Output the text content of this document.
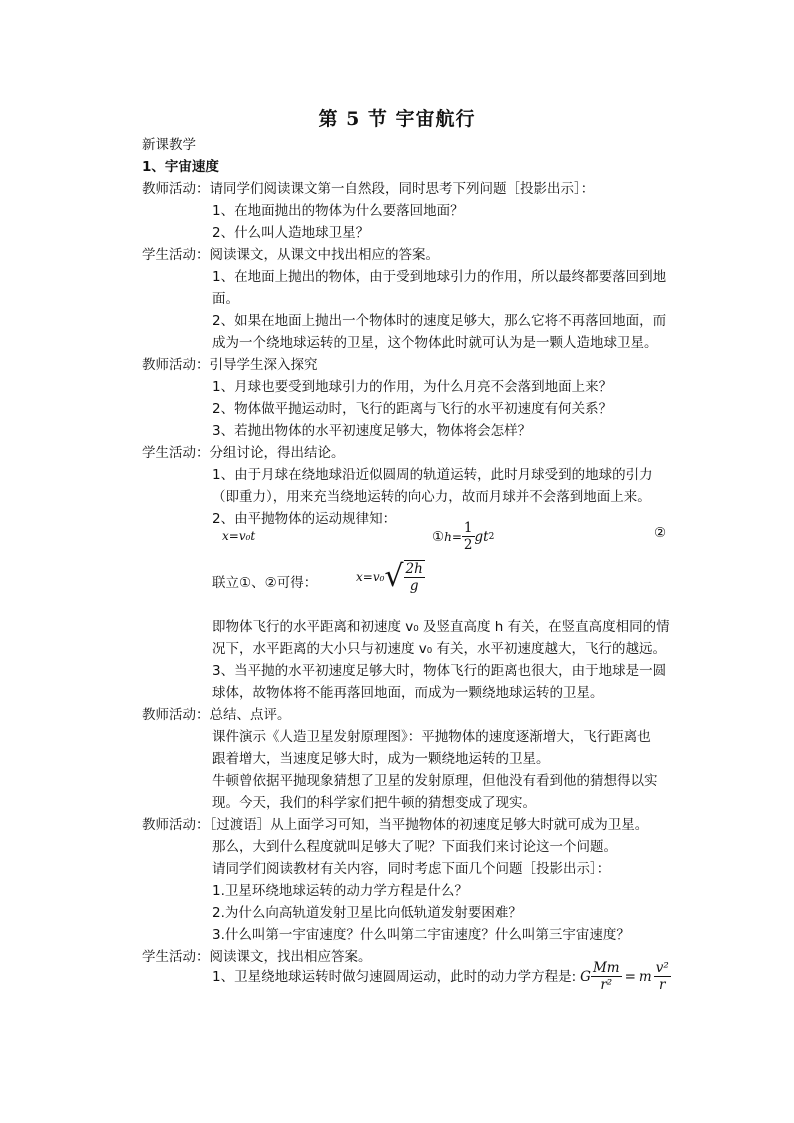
第 5 节 宇宙航行
新课教学
1、宇宙速度
教师活动：请同学们阅读课文第一自然段，同时思考下列问题［投影出示］：
1、在地面抛出的物体为什么要落回地面？
2、什么叫人造地球卫星？
学生活动：阅读课文，从课文中找出相应的答案。
1、在地面上抛出的物体，由于受到地球引力的作用，所以最终都要落回到地
面。
2、如果在地面上抛出一个物体时的速度足够大，那么它将不再落回地面，而
成为一个绕地球运转的卫星，这个物体此时就可认为是一颗人造地球卫星。
教师活动：引导学生深入探究
1、月球也要受到地球引力的作用，为什么月亮不会落到地面上来？
2、物体做平抛运动时，飞行的距离与飞行的水平初速度有何关系？
3、若抛出物体的水平初速度足够大，物体将会怎样？
学生活动：分组讨论，得出结论。
1、由于月球在绕地球沿近似圆周的轨道运转，此时月球受到的地球的引力
（即重力），用来充当绕地运转的向心力，故而月球并不会落到地面上来。
2、由平抛物体的运动规律知：
x=v₀t	① $h= \frac{1}{2}$ gt 2	②
联立①、②可得：	x=v₀ √ $\frac{2h}{g}$
即物体飞行的水平距离和初速度 v₀ 及竖直高度 h 有关，在竖直高度相同的情
况下，水平距离的大小只与初速度 v₀ 有关，水平初速度越大，飞行的越远。
3、当平抛的水平初速度足够大时，物体飞行的距离也很大，由于地球是一圆
球体，故物体将不能再落回地面，而成为一颗绕地球运转的卫星。
教师活动：总结、点评。
课件演示《人造卫星发射原理图》：平抛物体的速度逐渐增大，飞行距离也
跟着增大，当速度足够大时，成为一颗绕地运转的卫星。
牛顿曾依据平抛现象猜想了卫星的发射原理，但他没有看到他的猜想得以实
现。今天，我们的科学家们把牛顿的猜想变成了现实。
教师活动：［过渡语］从上面学习可知，当平抛物体的初速度足够大时就可成为卫星。
那么，大到什么程度就叫足够大了呢？下面我们来讨论这一个问题。
请同学们阅读教材有关内容，同时考虑下面几个问题［投影出示］：
1.卫星环绕地球运转的动力学方程是什么？
2.为什么向高轨道发射卫星比向低轨道发射要困难？
3.什么叫第一宇宙速度？什么叫第二宇宙速度？什么叫第三宇宙速度？
学生活动：阅读课文，找出相应答案。
1、卫星绕地球运转时做匀速圆周运动，此时的动力学方程是: G $\frac{Mm}{\text{r²}} = m \frac{\text{v²}}{r}$
